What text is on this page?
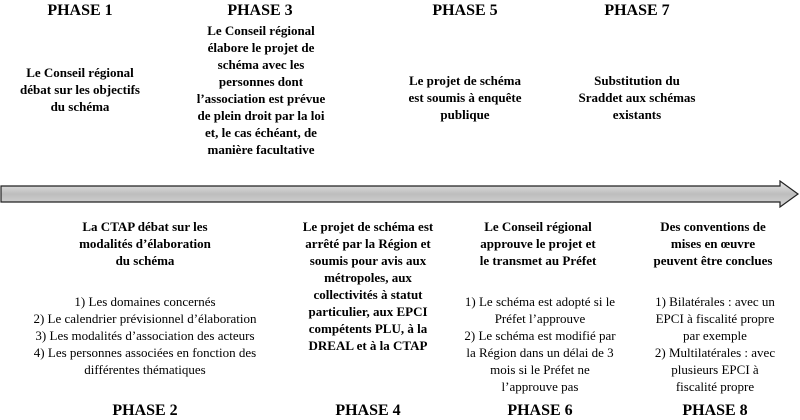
PHASE 1	PHASE 3	PHASE 5	PHASE 7
Le Conseil régional débat sur les objectifs du schéma
Le Conseil régional élabore le projet de schéma avec les personnes dont l’association est prévue de plein droit par la loi et, le cas échéant, de manière facultative
Le projet de schéma est soumis à enquête publique
Substitution du Sraddet aux schémas existants
La CTAP débat sur les modalités d’élaboration du schéma
1) Les domaines concernés
2) Le calendrier prévisionnel d’élaboration
3) Les modalités d’association des acteurs
4) Les personnes associées en fonction des différentes thématiques
Le projet de schéma est arrêté par la Région et soumis pour avis aux métropoles, aux collectivités à statut particulier, aux EPCI compétents PLU, à la DREAL et à la CTAP
Le Conseil régional approuve le projet et le transmet au Préfet
1) Le schéma est adopté si le Préfet l’approuve
2) Le schéma est modifié par la Région dans un délai de 3 mois si le Préfet ne l’approuve pas
Des conventions de mises en œuvre peuvent être conclues
1) Bilatérales : avec un EPCI à fiscalité propre par exemple
2) Multilatérales : avec plusieurs EPCI à fiscalité propre
PHASE 2	PHASE 4	PHASE 6	PHASE 8
